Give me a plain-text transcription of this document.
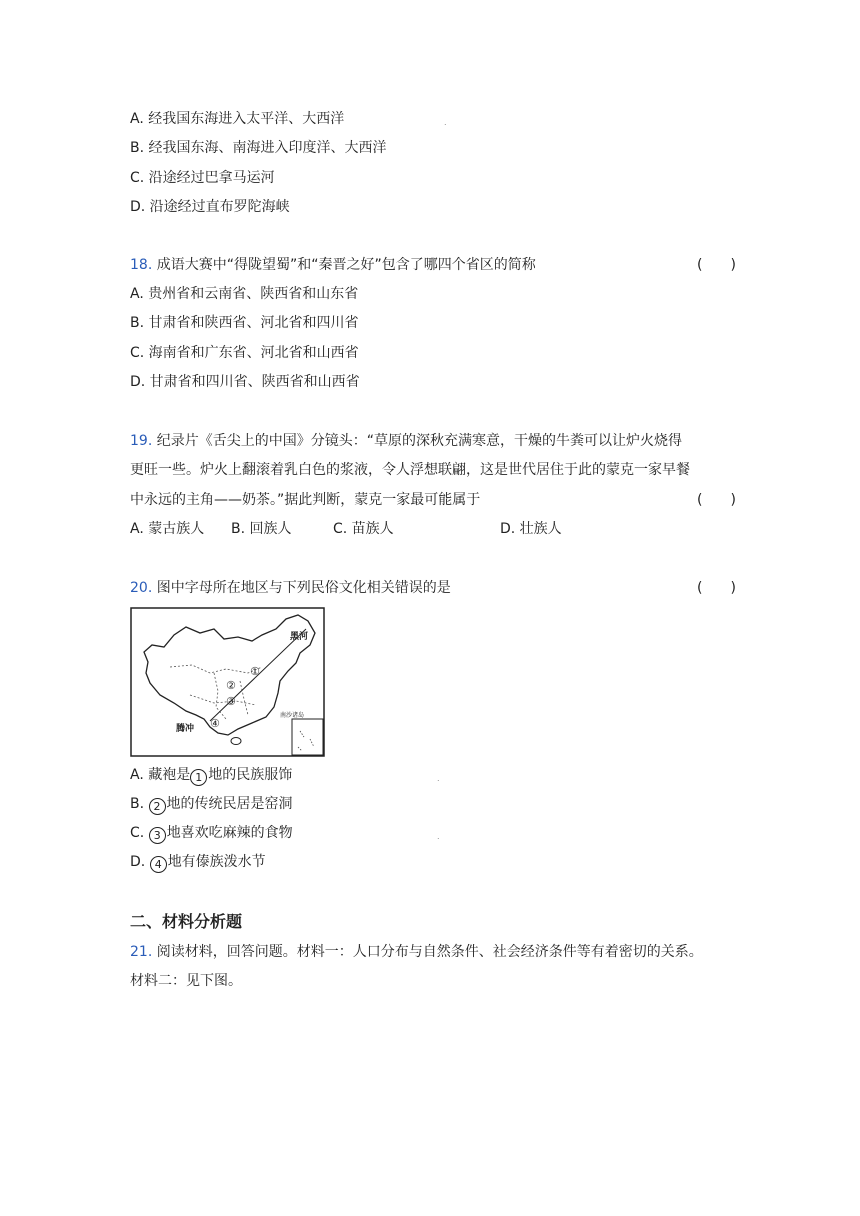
A. 经我国东海进入太平洋、大西洋	.
B. 经我国东海、南海进入印度洋、大西洋
C. 沿途经过巴拿马运河
D. 沿途经过直布罗陀海峡
18. 成语大赛中“得陇望蜀”和“秦晋之好”包含了哪四个省区的简称	(　　)
A. 贵州省和云南省、陕西省和山东省
B. 甘肃省和陕西省、河北省和四川省
C. 海南省和广东省、河北省和山西省
D. 甘肃省和四川省、陕西省和山西省
19. 纪录片《舌尖上的中国》分镜头：“草原的深秋充满寒意，干燥的牛粪可以让炉火烧得
更旺一些。炉火上翻滚着乳白色的浆液，令人浮想联翩，这是世代居住于此的蒙克一家早餐
中永远的主角——奶茶。”据此判断，蒙克一家最可能属于	(　　)
A. 蒙古族人 B. 回族人	C. 苗族人	D. 壮族人
20. 图中字母所在地区与下列民俗文化相关错误的是	(　　)
黑河
腾冲
南沙诸岛
①
②
③
④
A. 藏袍是 1 地的民族服饰	.
B. 2 地的传统民居是窑洞
C. 3 地喜欢吃麻辣的食物	.
D. 4 地有傣族泼水节
二、材料分析题
21. 阅读材料，回答问题。材料一：人口分布与自然条件、社会经济条件等有着密切的关系。
材料二：见下图。
